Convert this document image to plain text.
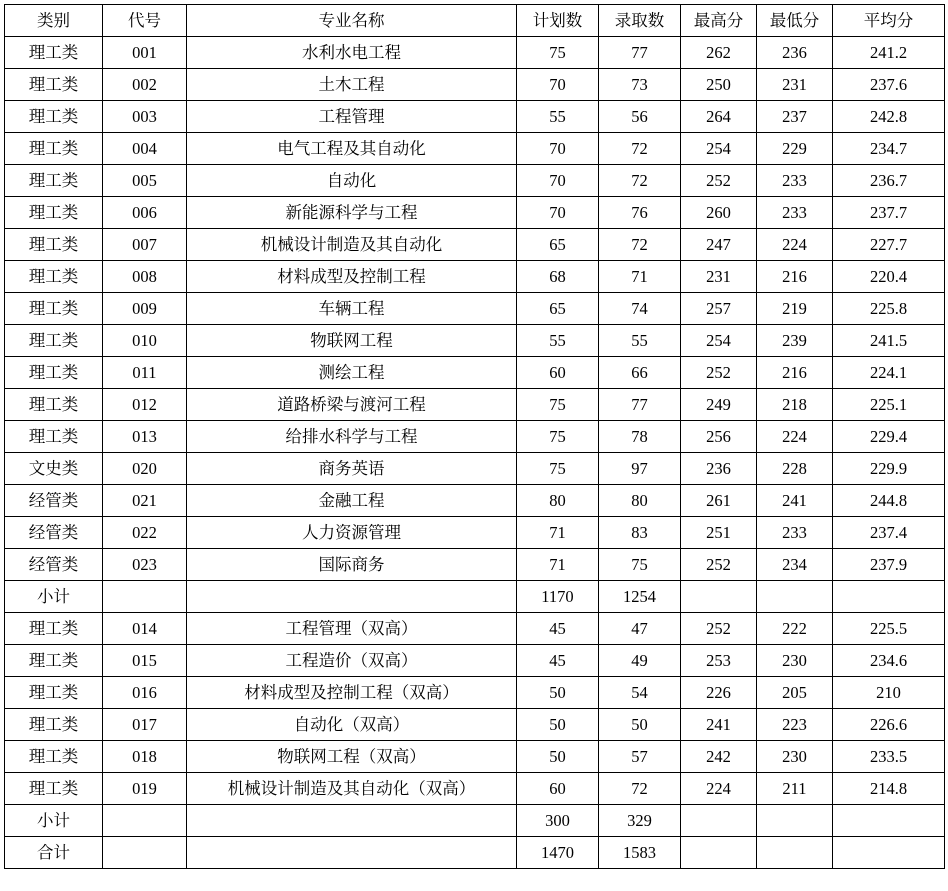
类别	代号	专业名称	计划数	录取数	最高分	最低分	平均分
理工类	001	水利水电工程	75	77	262	236	241.2
理工类	002	土木工程	70	73	250	231	237.6
理工类	003	工程管理	55	56	264	237	242.8
理工类	004	电气工程及其自动化	70	72	254	229	234.7
理工类	005	自动化	70	72	252	233	236.7
理工类	006	新能源科学与工程	70	76	260	233	237.7
理工类	007	机械设计制造及其自动化	65	72	247	224	227.7
理工类	008	材料成型及控制工程	68	71	231	216	220.4
理工类	009	车辆工程	65	74	257	219	225.8
理工类	010	物联网工程	55	55	254	239	241.5
理工类	011	测绘工程	60	66	252	216	224.1
理工类	012	道路桥梁与渡河工程	75	77	249	218	225.1
理工类	013	给排水科学与工程	75	78	256	224	229.4
文史类	020	商务英语	75	97	236	228	229.9
经管类	021	金融工程	80	80	261	241	244.8
经管类	022	人力资源管理	71	83	251	233	237.4
经管类	023	国际商务	71	75	252	234	237.9
小计			1170	1254			
理工类	014	工程管理（双高）	45	47	252	222	225.5
理工类	015	工程造价（双高）	45	49	253	230	234.6
理工类	016	材料成型及控制工程（双高）	50	54	226	205	210
理工类	017	自动化（双高）	50	50	241	223	226.6
理工类	018	物联网工程（双高）	50	57	242	230	233.5
理工类	019	机械设计制造及其自动化（双高）	60	72	224	211	214.8
小计			300	329			
合计			1470	1583			
